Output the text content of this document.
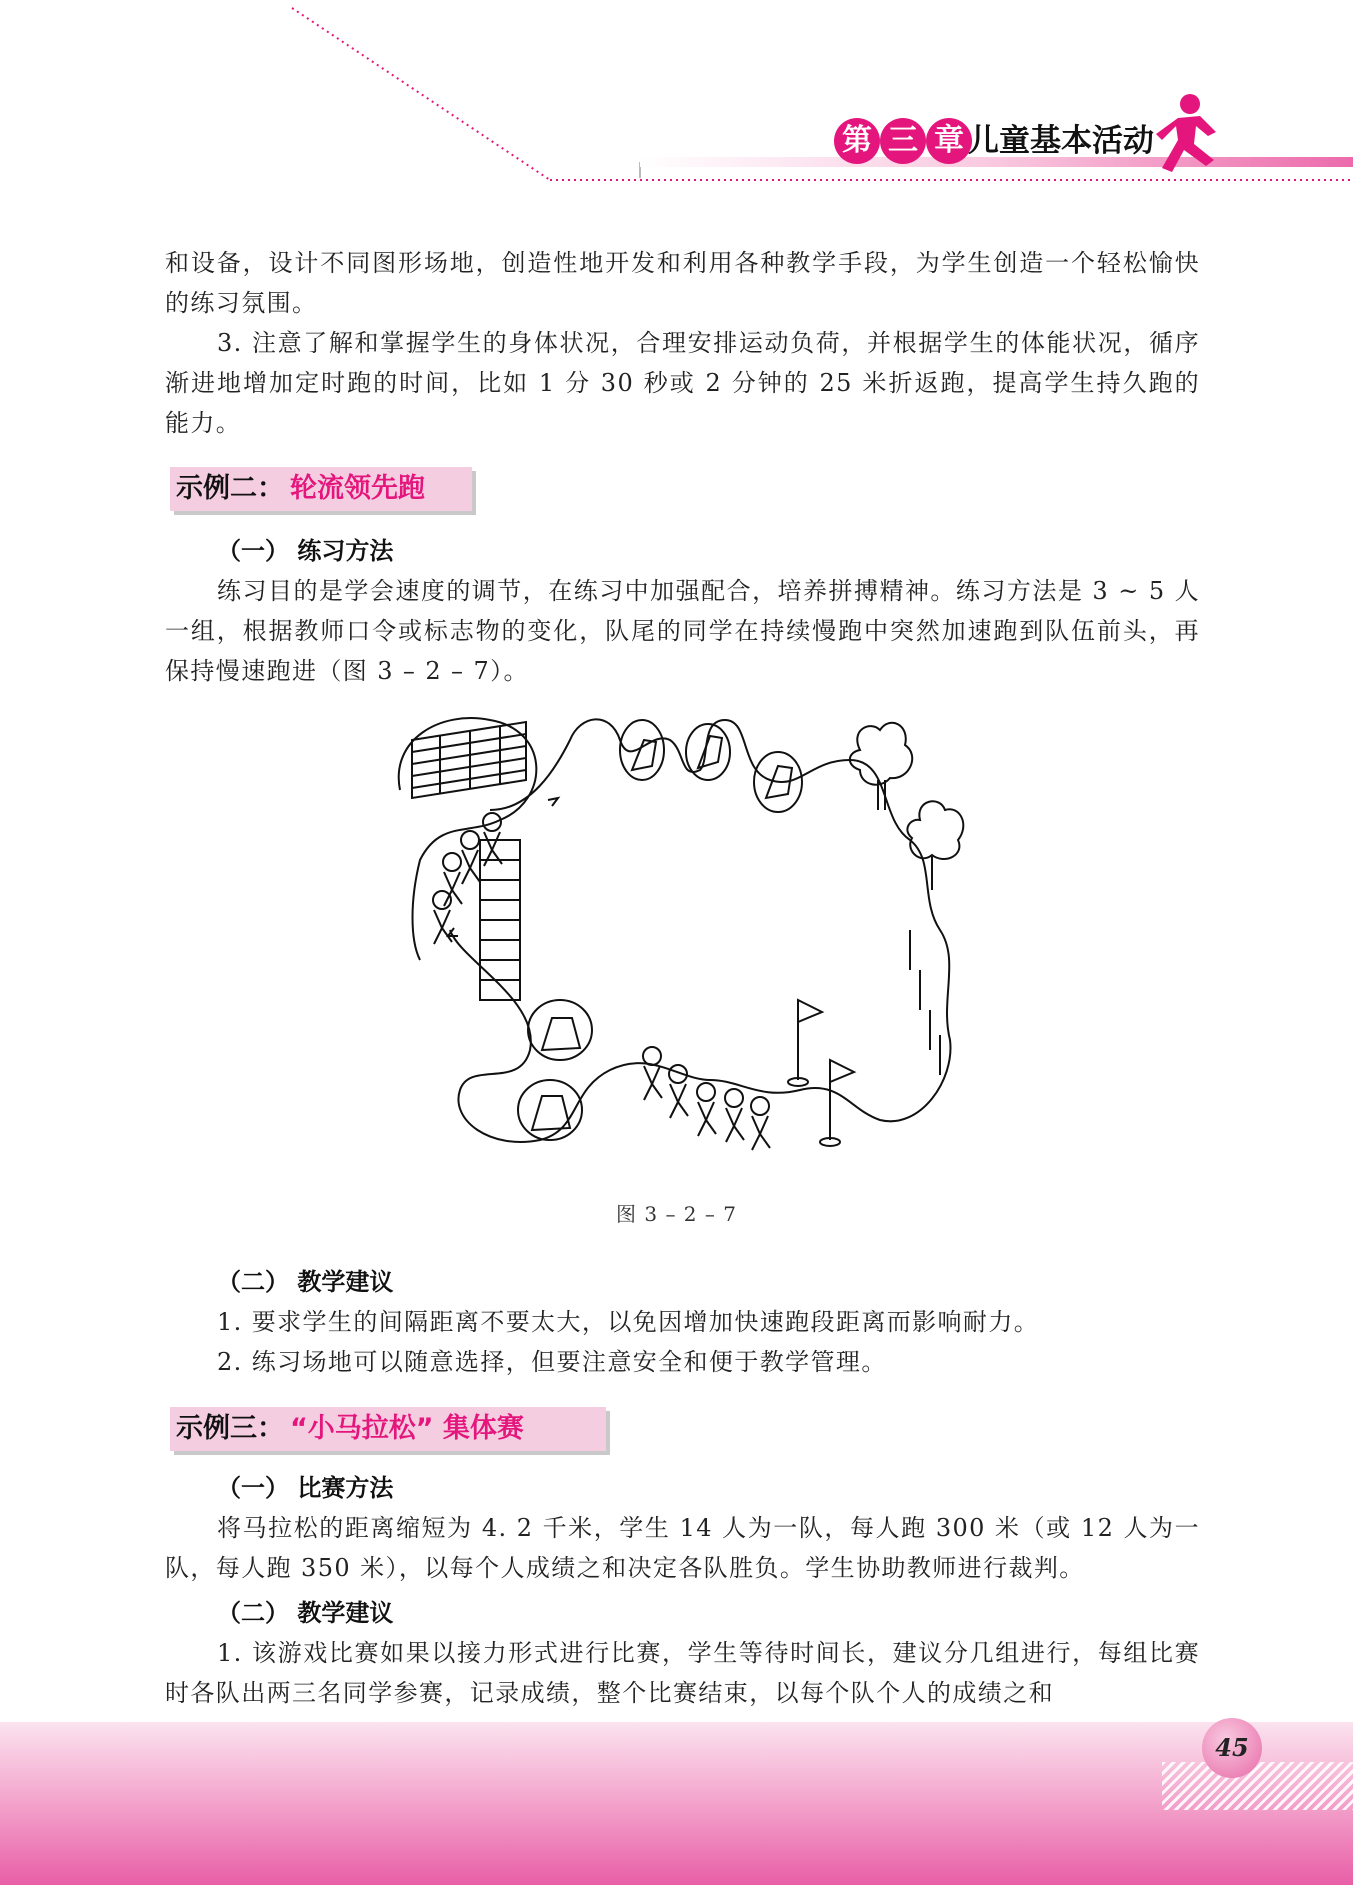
第 三 章 儿童基本活动
和设备，设计不同图形场地，创造性地开发和利用各种教学手段，为学生创造一个轻松愉快的练习氛围。
3. 注意了解和掌握学生的身体状况，合理安排运动负荷，并根据学生的体能状况，循序渐进地增加定时跑的时间，比如 1 分 30 秒或 2 分钟的 25 米折返跑，提高学生持久跑的能力。
示例二： 轮流领先跑
（一） 练习方法
练习目的是学会速度的调节，在练习中加强配合，培养拼搏精神。练习方法是 3 ~ 5 人一组，根据教师口令或标志物的变化，队尾的同学在持续慢跑中突然加速跑到队伍前头，再保持慢速跑进（图 3 – 2 – 7）。
图 3 – 2 – 7
（二） 教学建议
1. 要求学生的间隔距离不要太大，以免因增加快速跑段距离而影响耐力。
2. 练习场地可以随意选择，但要注意安全和便于教学管理。
示例三： “小马拉松” 集体赛
（一） 比赛方法
将马拉松的距离缩短为 4. 2 千米，学生 14 人为一队，每人跑 300 米（或 12 人为一队，每人跑 350 米），以每个人成绩之和决定各队胜负。学生协助教师进行裁判。
（二） 教学建议
1. 该游戏比赛如果以接力形式进行比赛，学生等待时间长，建议分几组进行，每组比赛时各队出两三名同学参赛，记录成绩，整个比赛结束，以每个队个人的成绩之和
45
